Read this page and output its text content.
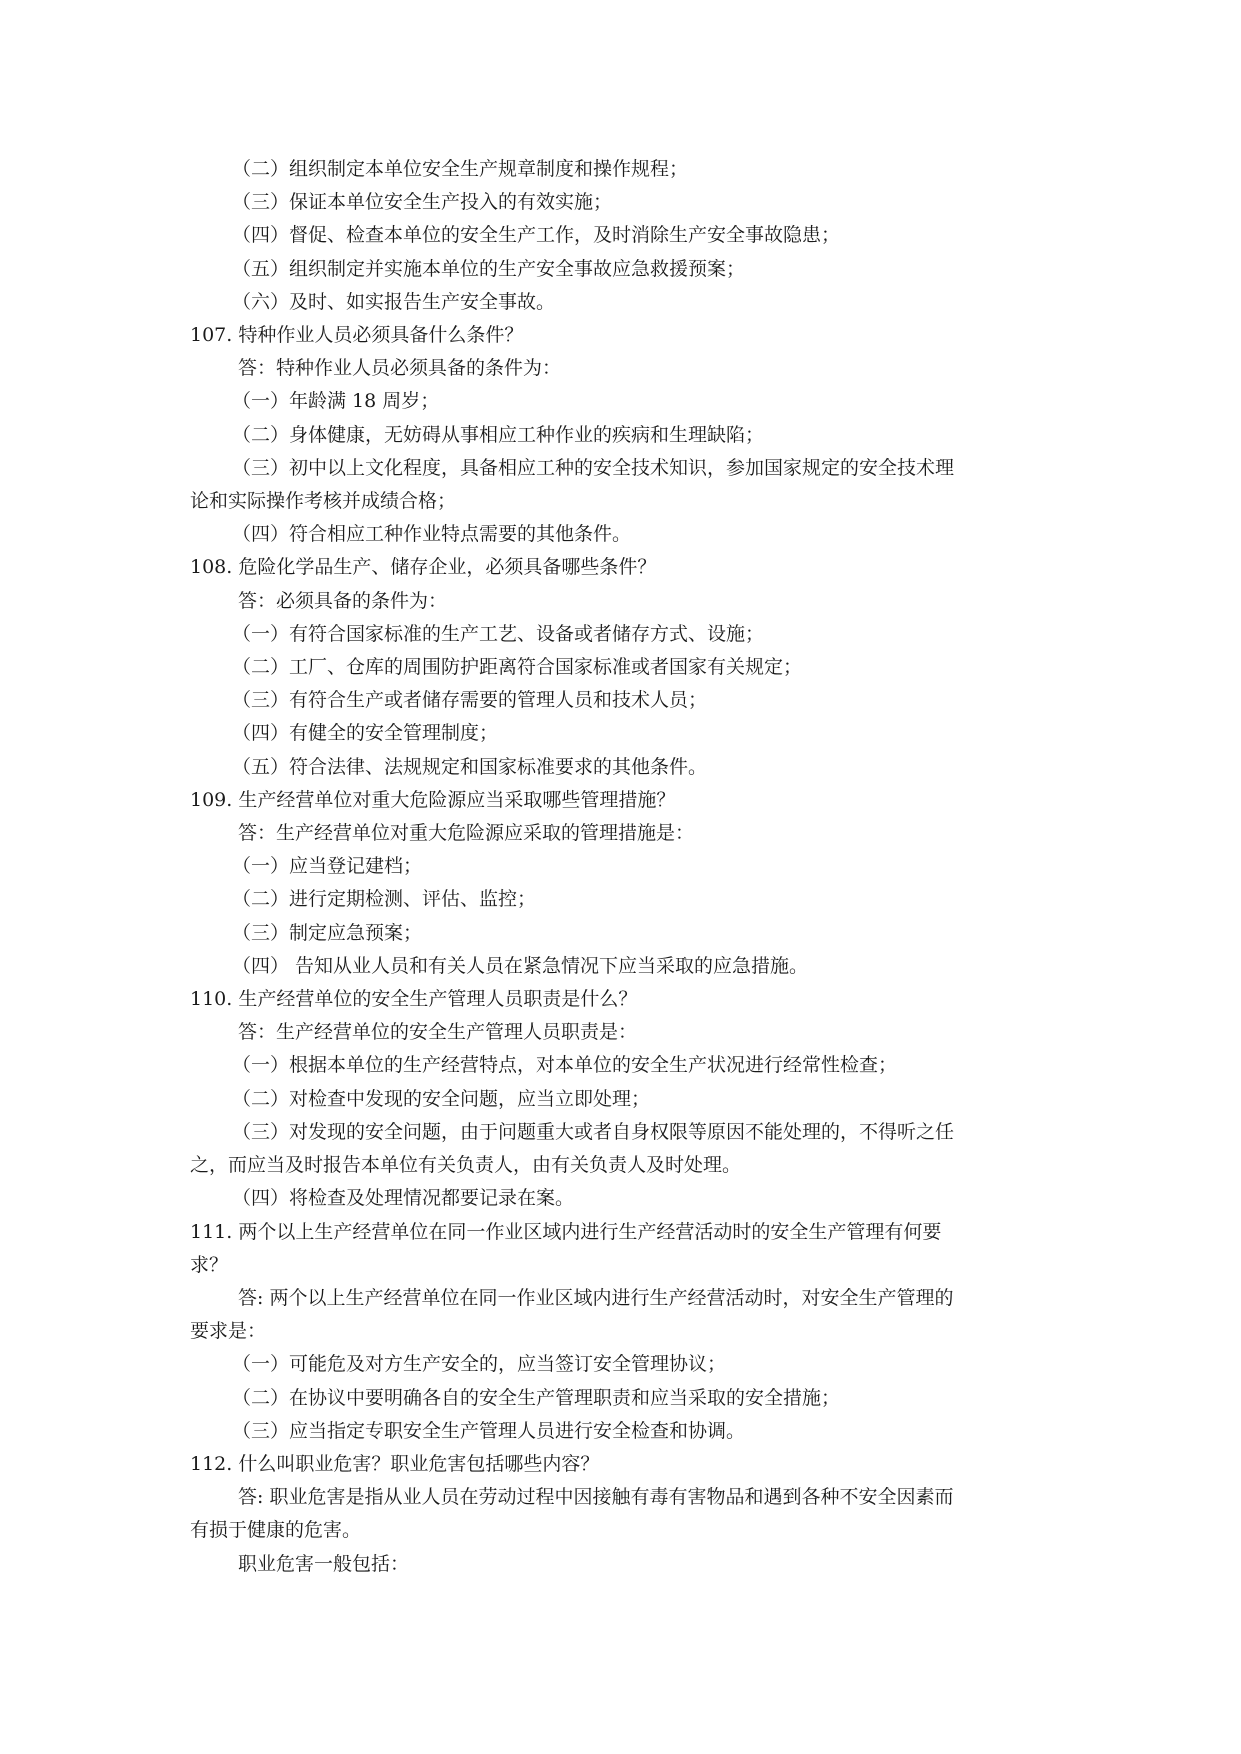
（二）组织制定本单位安全生产规章制度和操作规程；
（三）保证本单位安全生产投入的有效实施；
（四）督促、检查本单位的安全生产工作，及时消除生产安全事故隐患；
（五）组织制定并实施本单位的生产安全事故应急救援预案；
（六）及时、如实报告生产安全事故。
107. 特种作业人员必须具备什么条件？
答：特种作业人员必须具备的条件为：
（一）年龄满 18 周岁；
（二）身体健康，无妨碍从事相应工种作业的疾病和生理缺陷；
（三）初中以上文化程度，具备相应工种的安全技术知识，参加国家规定的安全技术理
论和实际操作考核并成绩合格；
（四）符合相应工种作业特点需要的其他条件。
108. 危险化学品生产、储存企业，必须具备哪些条件？
答：必须具备的条件为：
（一）有符合国家标准的生产工艺、设备或者储存方式、设施；
（二）工厂、仓库的周围防护距离符合国家标准或者国家有关规定；
（三）有符合生产或者储存需要的管理人员和技术人员；
（四）有健全的安全管理制度；
（五）符合法律、法规规定和国家标准要求的其他条件。
109. 生产经营单位对重大危险源应当采取哪些管理措施？
答：生产经营单位对重大危险源应采取的管理措施是：
（一）应当登记建档；
（二）进行定期检测、评估、监控；
（三）制定应急预案；
（四） 告知从业人员和有关人员在紧急情况下应当采取的应急措施。
110. 生产经营单位的安全生产管理人员职责是什么？
答：生产经营单位的安全生产管理人员职责是：
（一）根据本单位的生产经营特点，对本单位的安全生产状况进行经常性检查；
（二）对检查中发现的安全问题，应当立即处理；
（三）对发现的安全问题，由于问题重大或者自身权限等原因不能处理的，不得听之任
之，而应当及时报告本单位有关负责人，由有关负责人及时处理。
（四）将检查及处理情况都要记录在案。
111. 两个以上生产经营单位在同一作业区域内进行生产经营活动时的安全生产管理有何要
求？
答: 两个以上生产经营单位在同一作业区域内进行生产经营活动时，对安全生产管理的
要求是：
（一）可能危及对方生产安全的，应当签订安全管理协议；
（二）在协议中要明确各自的安全生产管理职责和应当采取的安全措施；
（三）应当指定专职安全生产管理人员进行安全检查和协调。
112. 什么叫职业危害？职业危害包括哪些内容？
答: 职业危害是指从业人员在劳动过程中因接触有毒有害物品和遇到各种不安全因素而
有损于健康的危害。
职业危害一般包括：
